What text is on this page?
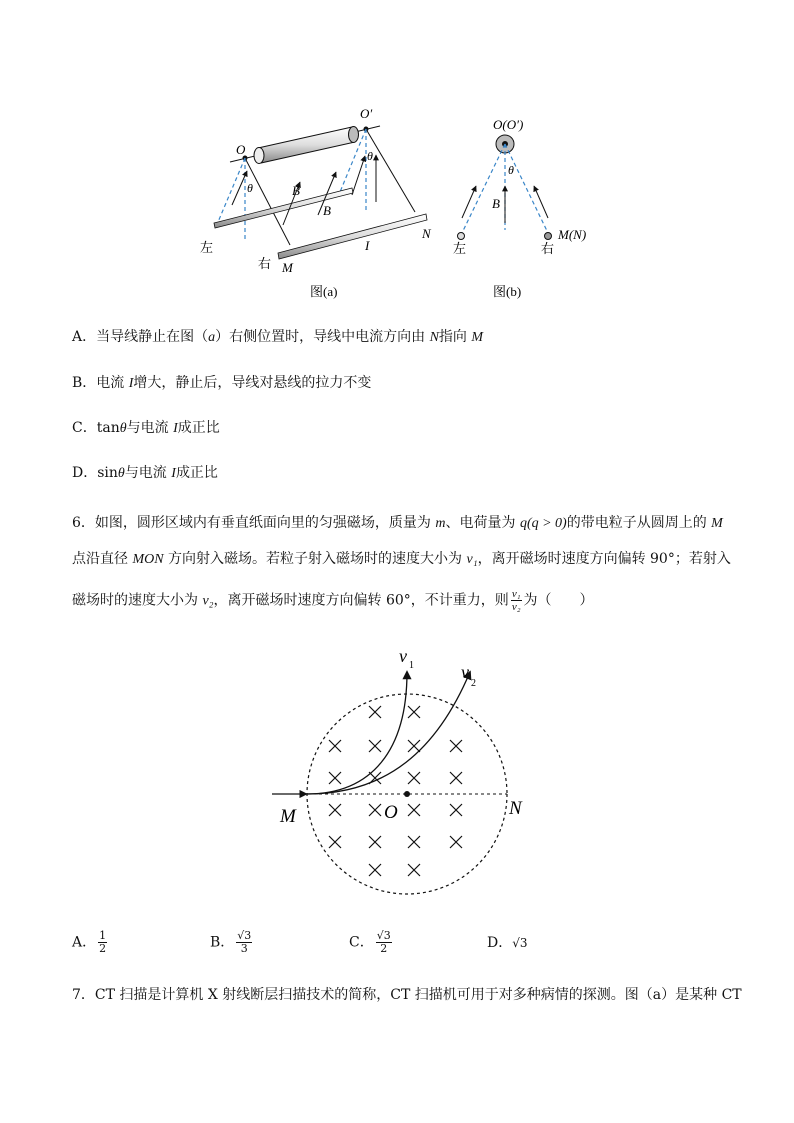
O
O′
θ
θ
B
B
左
右 M
N
I
图(a)
O(O′)
θ
B
M(N)
左	右
图(b)
A．当导线静止在图（a）右侧位置时，导线中电流方向由 N指向 M
B．电流 I增大，静止后，导线对悬线的拉力不变
C．tanθ与电流 I成正比
D．sinθ与电流 I成正比
6．如图，圆形区域内有垂直纸面向里的匀强磁场，质量为 m、电荷量为 q(q > 0)的带电粒子从圆周上的 M
点沿直径 MON 方向射入磁场。若粒子射入磁场时的速度大小为 v₁，离开磁场时速度方向偏转 90°；若射入
磁场时的速度大小为 v₂，离开磁场时速度方向偏转 60°，不计重力，则 $\frac{\text{v₁}}{\text{v₂}}$ 为（　　）
v 1	v
2
M	O	N
A． $\frac{1}{2}$	B． $\frac{√3}{3}$	C． $\frac{√3}{2}$	D．√3
7．CT 扫描是计算机 X 射线断层扫描技术的简称，CT 扫描机可用于对多种病情的探测。图（a）是某种 CT
